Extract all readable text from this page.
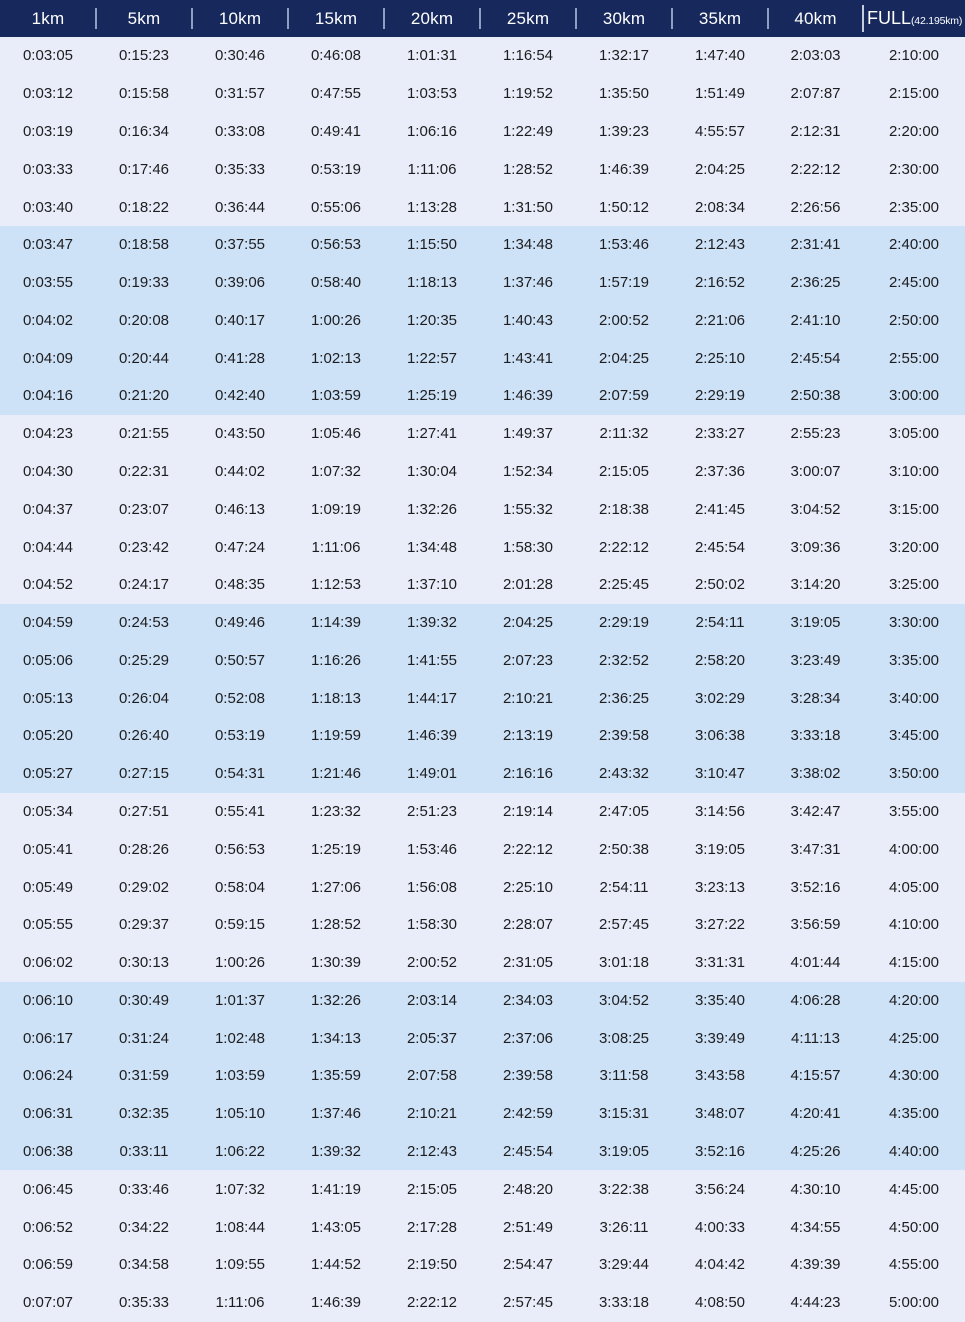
1km	5km	10km	15km	20km	25km	30km	35km	40km	FULL(42.195km)
0:03:05	0:15:23	0:30:46	0:46:08	1:01:31	1:16:54	1:32:17	1:47:40	2:03:03	2:10:00
0:03:12	0:15:58	0:31:57	0:47:55	1:03:53	1:19:52	1:35:50	1:51:49	2:07:87	2:15:00
0:03:19	0:16:34	0:33:08	0:49:41	1:06:16	1:22:49	1:39:23	4:55:57	2:12:31	2:20:00
0:03:33	0:17:46	0:35:33	0:53:19	1:11:06	1:28:52	1:46:39	2:04:25	2:22:12	2:30:00
0:03:40	0:18:22	0:36:44	0:55:06	1:13:28	1:31:50	1:50:12	2:08:34	2:26:56	2:35:00
0:03:47	0:18:58	0:37:55	0:56:53	1:15:50	1:34:48	1:53:46	2:12:43	2:31:41	2:40:00
0:03:55	0:19:33	0:39:06	0:58:40	1:18:13	1:37:46	1:57:19	2:16:52	2:36:25	2:45:00
0:04:02	0:20:08	0:40:17	1:00:26	1:20:35	1:40:43	2:00:52	2:21:06	2:41:10	2:50:00
0:04:09	0:20:44	0:41:28	1:02:13	1:22:57	1:43:41	2:04:25	2:25:10	2:45:54	2:55:00
0:04:16	0:21:20	0:42:40	1:03:59	1:25:19	1:46:39	2:07:59	2:29:19	2:50:38	3:00:00
0:04:23	0:21:55	0:43:50	1:05:46	1:27:41	1:49:37	2:11:32	2:33:27	2:55:23	3:05:00
0:04:30	0:22:31	0:44:02	1:07:32	1:30:04	1:52:34	2:15:05	2:37:36	3:00:07	3:10:00
0:04:37	0:23:07	0:46:13	1:09:19	1:32:26	1:55:32	2:18:38	2:41:45	3:04:52	3:15:00
0:04:44	0:23:42	0:47:24	1:11:06	1:34:48	1:58:30	2:22:12	2:45:54	3:09:36	3:20:00
0:04:52	0:24:17	0:48:35	1:12:53	1:37:10	2:01:28	2:25:45	2:50:02	3:14:20	3:25:00
0:04:59	0:24:53	0:49:46	1:14:39	1:39:32	2:04:25	2:29:19	2:54:11	3:19:05	3:30:00
0:05:06	0:25:29	0:50:57	1:16:26	1:41:55	2:07:23	2:32:52	2:58:20	3:23:49	3:35:00
0:05:13	0:26:04	0:52:08	1:18:13	1:44:17	2:10:21	2:36:25	3:02:29	3:28:34	3:40:00
0:05:20	0:26:40	0:53:19	1:19:59	1:46:39	2:13:19	2:39:58	3:06:38	3:33:18	3:45:00
0:05:27	0:27:15	0:54:31	1:21:46	1:49:01	2:16:16	2:43:32	3:10:47	3:38:02	3:50:00
0:05:34	0:27:51	0:55:41	1:23:32	2:51:23	2:19:14	2:47:05	3:14:56	3:42:47	3:55:00
0:05:41	0:28:26	0:56:53	1:25:19	1:53:46	2:22:12	2:50:38	3:19:05	3:47:31	4:00:00
0:05:49	0:29:02	0:58:04	1:27:06	1:56:08	2:25:10	2:54:11	3:23:13	3:52:16	4:05:00
0:05:55	0:29:37	0:59:15	1:28:52	1:58:30	2:28:07	2:57:45	3:27:22	3:56:59	4:10:00
0:06:02	0:30:13	1:00:26	1:30:39	2:00:52	2:31:05	3:01:18	3:31:31	4:01:44	4:15:00
0:06:10	0:30:49	1:01:37	1:32:26	2:03:14	2:34:03	3:04:52	3:35:40	4:06:28	4:20:00
0:06:17	0:31:24	1:02:48	1:34:13	2:05:37	2:37:06	3:08:25	3:39:49	4:11:13	4:25:00
0:06:24	0:31:59	1:03:59	1:35:59	2:07:58	2:39:58	3:11:58	3:43:58	4:15:57	4:30:00
0:06:31	0:32:35	1:05:10	1:37:46	2:10:21	2:42:59	3:15:31	3:48:07	4:20:41	4:35:00
0:06:38	0:33:11	1:06:22	1:39:32	2:12:43	2:45:54	3:19:05	3:52:16	4:25:26	4:40:00
0:06:45	0:33:46	1:07:32	1:41:19	2:15:05	2:48:20	3:22:38	3:56:24	4:30:10	4:45:00
0:06:52	0:34:22	1:08:44	1:43:05	2:17:28	2:51:49	3:26:11	4:00:33	4:34:55	4:50:00
0:06:59	0:34:58	1:09:55	1:44:52	2:19:50	2:54:47	3:29:44	4:04:42	4:39:39	4:55:00
0:07:07	0:35:33	1:11:06	1:46:39	2:22:12	2:57:45	3:33:18	4:08:50	4:44:23	5:00:00
